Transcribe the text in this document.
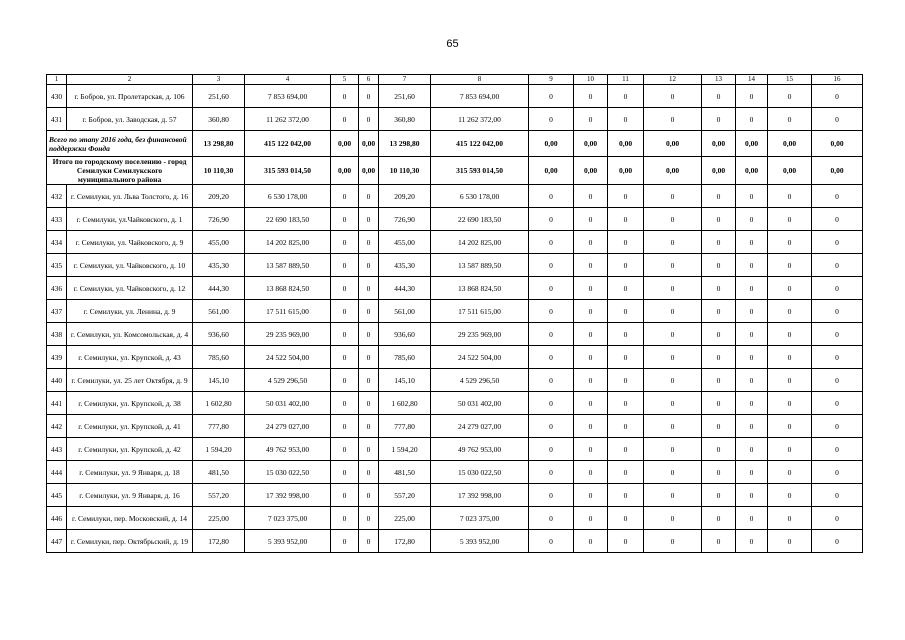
65
1	2	3	4	5	6	7	8	9	10	11	12	13	14	15	16
430	г. Бобров, ул. Пролетарская, д. 106	251,60	7 853 694,00	0	0	251,60	7 853 694,00	0	0	0	0	0	0	0	0
431	г. Бобров, ул. Заводская, д. 57	360,80	11 262 372,00	0	0	360,80	11 262 372,00	0	0	0	0	0	0	0	0
Всего по этапу 2016 года, без финансовой поддержки Фонда		13 298,80	415 122 042,00	0,00	0,00	13 298,80	415 122 042,00	0,00	0,00	0,00	0,00	0,00	0,00	0,00	0,00
Итого по городскому поселению - город Семилуки Семилукского муниципального района		10 110,30	315 593 014,50	0,00	0,00	10 110,30	315 593 014,50	0,00	0,00	0,00	0,00	0,00	0,00	0,00	0,00
432	г. Семилуки, ул. Льва Толстого, д. 16	209,20	6 530 178,00	0	0	209,20	6 530 178,00	0	0	0	0	0	0	0	0
433	г. Семилуки, ул.Чайковского, д. 1	726,90	22 690 183,50	0	0	726,90	22 690 183,50	0	0	0	0	0	0	0	0
434	г. Семилуки, ул. Чайковского, д. 9	455,00	14 202 825,00	0	0	455,00	14 202 825,00	0	0	0	0	0	0	0	0
435	г. Семилуки, ул. Чайковского, д. 10	435,30	13 587 889,50	0	0	435,30	13 587 889,50	0	0	0	0	0	0	0	0
436	г. Семилуки, ул. Чайковского, д. 12	444,30	13 868 824,50	0	0	444,30	13 868 824,50	0	0	0	0	0	0	0	0
437	г. Семилуки, ул. Ленина, д. 9	561,00	17 511 615,00	0	0	561,00	17 511 615,00	0	0	0	0	0	0	0	0
438	г. Семилуки, ул. Комсомольская, д. 4	936,60	29 235 969,00	0	0	936,60	29 235 969,00	0	0	0	0	0	0	0	0
439	г. Семилуки, ул. Крупской, д. 43	785,60	24 522 504,00	0	0	785,60	24 522 504,00	0	0	0	0	0	0	0	0
440	г. Семилуки, ул. 25 лет Октября, д. 9	145,10	4 529 296,50	0	0	145,10	4 529 296,50	0	0	0	0	0	0	0	0
441	г. Семилуки, ул. Крупской, д. 38	1 602,80	50 031 402,00	0	0	1 602,80	50 031 402,00	0	0	0	0	0	0	0	0
442	г. Семилуки, ул. Крупской, д. 41	777,80	24 279 027,00	0	0	777,80	24 279 027,00	0	0	0	0	0	0	0	0
443	г. Семилуки, ул. Крупской, д. 42	1 594,20	49 762 953,00	0	0	1 594,20	49 762 953,00	0	0	0	0	0	0	0	0
444	г. Семилуки, ул. 9 Января, д. 18	481,50	15 030 022,50	0	0	481,50	15 030 022,50	0	0	0	0	0	0	0	0
445	г. Семилуки, ул. 9 Января, д. 16	557,20	17 392 998,00	0	0	557,20	17 392 998,00	0	0	0	0	0	0	0	0
446	г. Семилуки, пер. Московский, д. 14	225,00	7 023 375,00	0	0	225,00	7 023 375,00	0	0	0	0	0	0	0	0
447	г. Семилуки, пер. Октябрьский, д. 19	172,80	5 393 952,00	0	0	172,80	5 393 952,00	0	0	0	0	0	0	0	0
